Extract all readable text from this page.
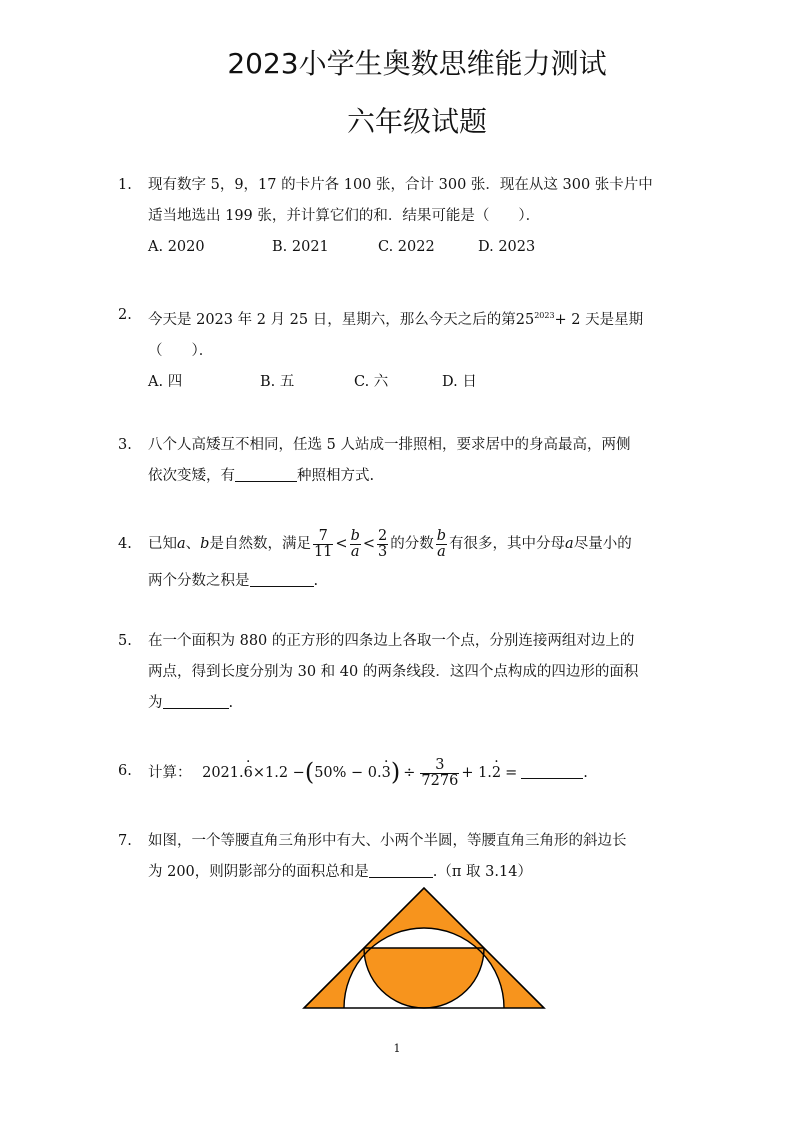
2023小学生奥数思维能力测试
六年级试题
1. 现有数字 5，9，17 的卡片各 100 张，合计 300 张．现在从这 300 张卡片中
适当地选出 199 张，并计算它们的和．结果可能是（　　）．
A. 2020	B. 2021	C. 2022	D. 2023
2. 今天是 2023 年 2 月 25 日，星期六，那么今天之后的第$25^{2023}+ 2$ 天是星期
（　　）．
A. 四	B. 五	C. 六	D. 日
3. 八个人高矮互不相同，任选 5 人站成一排照相，要求居中的身高最高，两侧
依次变矮，有	种照相方式.
4. 已知a、b是自然数，满足 $\frac{7}{11} < \frac{b}{a} < \frac{2}{3}$ 的分数 $\frac{b}{a}$ 有很多，其中分母a尽量小的
两个分数之积是	.
5. 在一个面积为 880 的正方形的四条边上各取一个点，分别连接两组对边上的
两点，得到长度分别为 30 和 40 的两条线段．这四个点构成的四边形的面积
为	.
6. 计算： 2021.6 ·×1.2 −(50% − 0.3 ·) ÷ $\frac{3}{7276} + 1.2$ · =	.
7. 如图，一个等腰直角三角形中有大、小两个半圆，等腰直角三角形的斜边长
为 200，则阴影部分的面积总和是	.（π 取 3.14）
1
